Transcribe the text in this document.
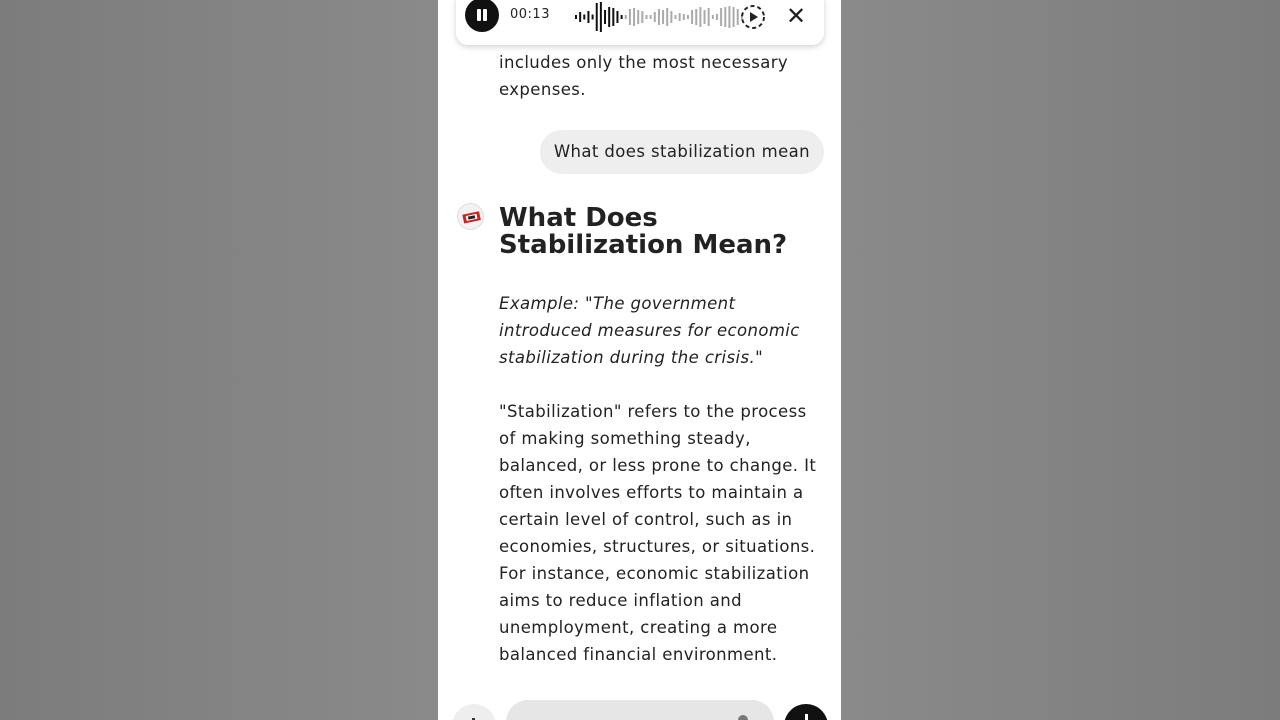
includes only the most necessary expenses.
What does stabilization mean
What Does Stabilization Mean?
Example: "The government introduced measures for economic stabilization during the crisis."
"Stabilization" refers to the process of making something steady, balanced, or less prone to change. It often involves efforts to maintain a certain level of control, such as in economies, structures, or situations. For instance, economic stabilization aims to reduce inflation and unemployment, creating a more balanced financial environment.
00:13	✕
